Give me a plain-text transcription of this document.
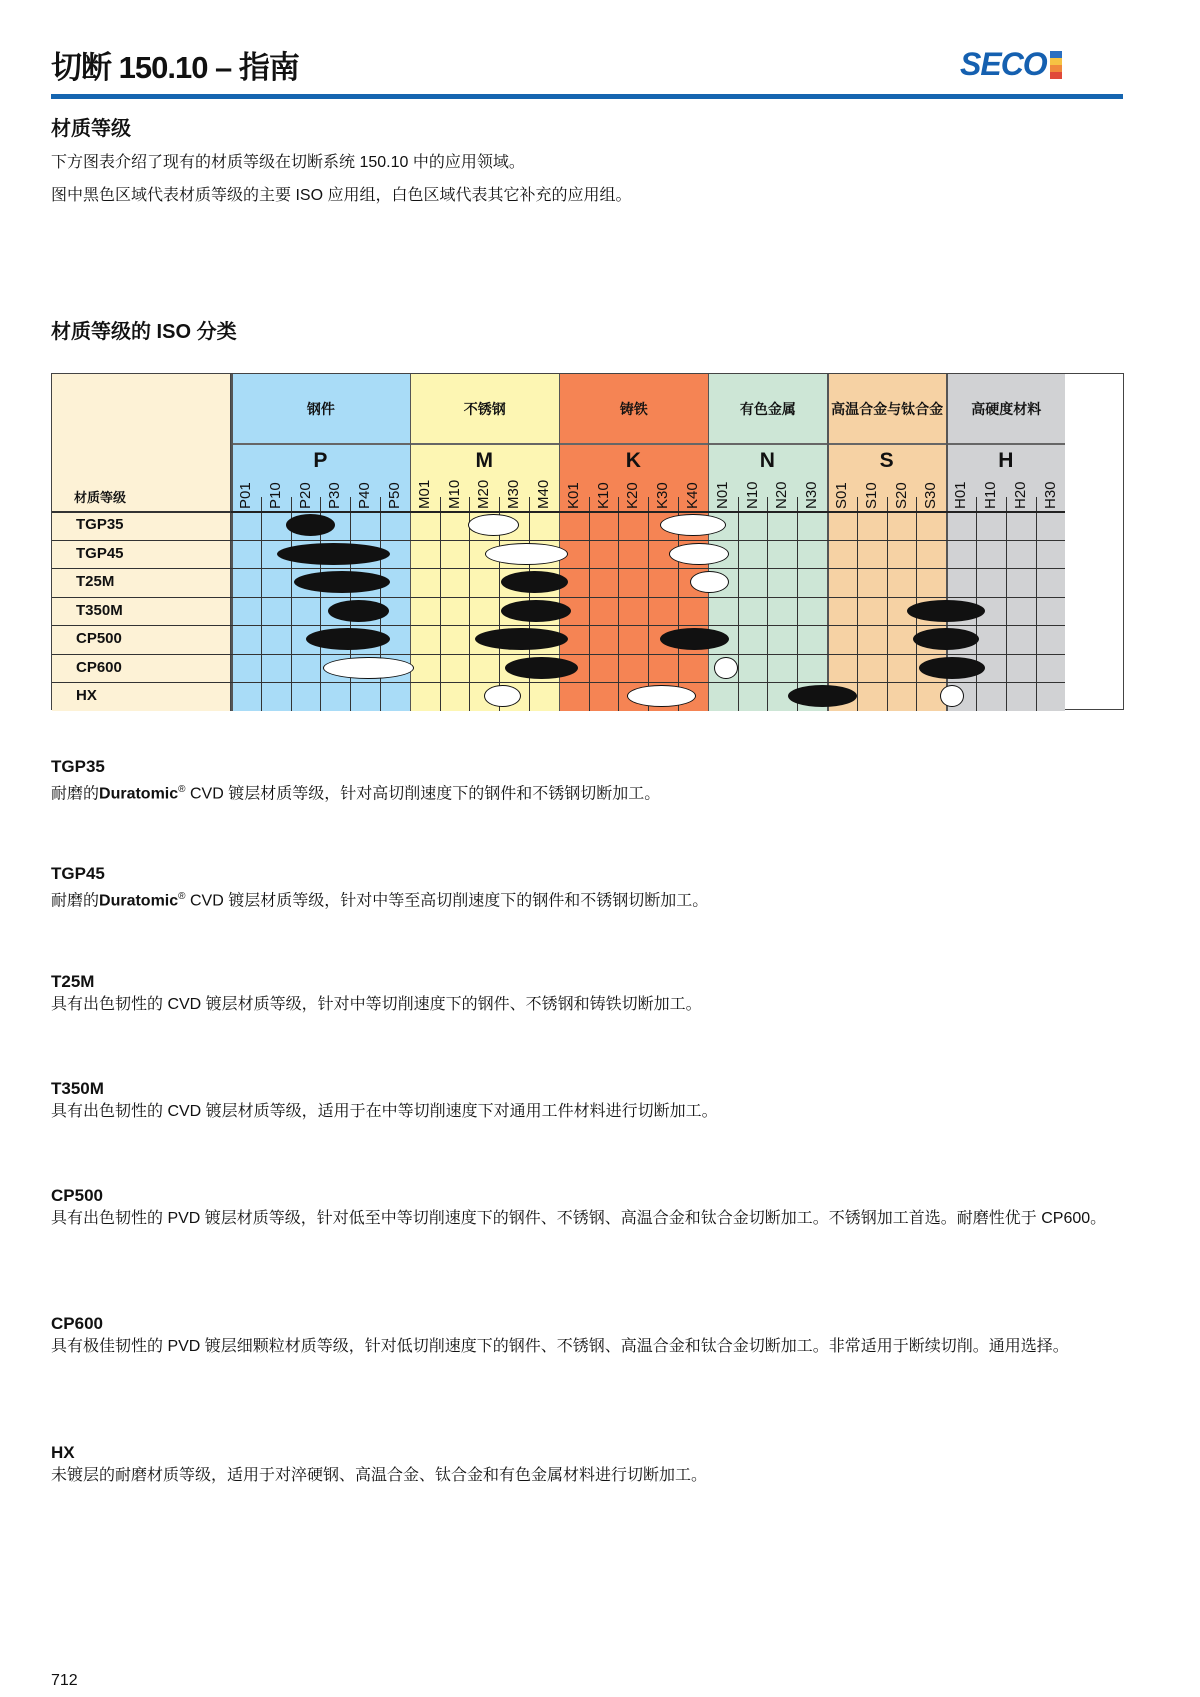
切断 150.10 – 指南	SECO
材质等级
下方图表介绍了现有的材质等级在切断系统 150.10 中的应用领域。
图中黑色区域代表材质等级的主要 ISO 应用组，白色区域代表其它补充的应用组。
材质等级的 ISO 分类
材质等级
钢件
P
P01 P10 P20 P30 P40 P50
不锈钢
M
M01 M10 M20 M30 M40
铸铁
K
K01 K10 K20 K30 K40
有色金属
N
N01 N10 N20 N30
高温合金与钛合金
S
S01 S10 S20 S30
高硬度材料
H
H01 H10 H20 H30
TGP35
TGP45
T25M
T350M
CP500
CP600
HX
712
TGP35
耐磨的Duratomic® CVD 镀层材质等级，针对高切削速度下的钢件和不锈钢切断加工。
TGP45
耐磨的Duratomic® CVD 镀层材质等级，针对中等至高切削速度下的钢件和不锈钢切断加工。
T25M
具有出色韧性的 CVD 镀层材质等级，针对中等切削速度下的钢件、不锈钢和铸铁切断加工。
T350M
具有出色韧性的 CVD 镀层材质等级，适用于在中等切削速度下对通用工件材料进行切断加工。
CP500
具有出色韧性的 PVD 镀层材质等级，针对低至中等切削速度下的钢件、不锈钢、高温合金和钛合金切断加工。不锈钢加工首选。耐磨性优于 CP600。
CP600
具有极佳韧性的 PVD 镀层细颗粒材质等级，针对低切削速度下的钢件、不锈钢、高温合金和钛合金切断加工。非常适用于断续切削。通用选择。
HX
未镀层的耐磨材质等级，适用于对淬硬钢、高温合金、钛合金和有色金属材料进行切断加工。
